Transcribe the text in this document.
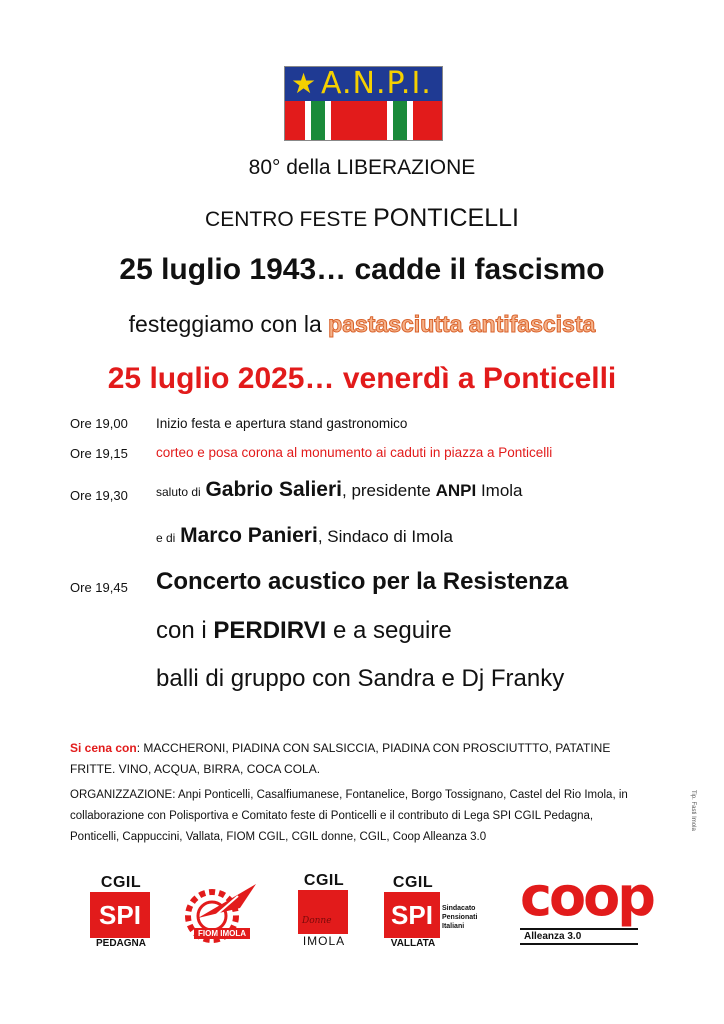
★ A.N.P.I.
80° della LIBERAZIONE
CENTRO FESTE PONTICELLI
25 luglio 1943… cadde il fascismo
festeggiamo con la pastasciutta antifascista
25 luglio 2025… venerdì a Ponticelli
Ore 19,00 Inizio festa e apertura stand gastronomico
Ore 19,15 corteo e posa corona al monumento ai caduti in piazza a Ponticelli
Ore 19,30 saluto di Gabrio Salieri, presidente ANPI Imola
e di Marco Panieri, Sindaco di Imola
Ore 19,45 Concerto acustico per la Resistenza
con i PERDIRVI e a seguire
balli di gruppo con Sandra e Dj Franky
Si cena con: MACCHERONI, PIADINA CON SALSICCIA, PIADINA CON PROSCIUTTTO, PATATINE
FRITTE. VINO, ACQUA, BIRRA, COCA COLA.
ORGANIZZAZIONE: Anpi Ponticelli, Casalfiumanese, Fontanelice, Borgo Tossignano, Castel del Rio Imola, in
collaborazione con Polisportiva e Comitato feste di Ponticelli e il contributo di Lega SPI CGIL Pedagna,
Ponticelli, Cappuccini, Vallata, FIOM CGIL, CGIL donne, CGIL, Coop Alleanza 3.0
Tip. Fasti Imola
CGIL
SPI
PEDAGNA
FIOM IMOLA
CGIL
Donne
IMOLA
CGIL
SPI	Sindacato
Pensionati
Italiani
VALLATA
coop
Alleanza 3.0
